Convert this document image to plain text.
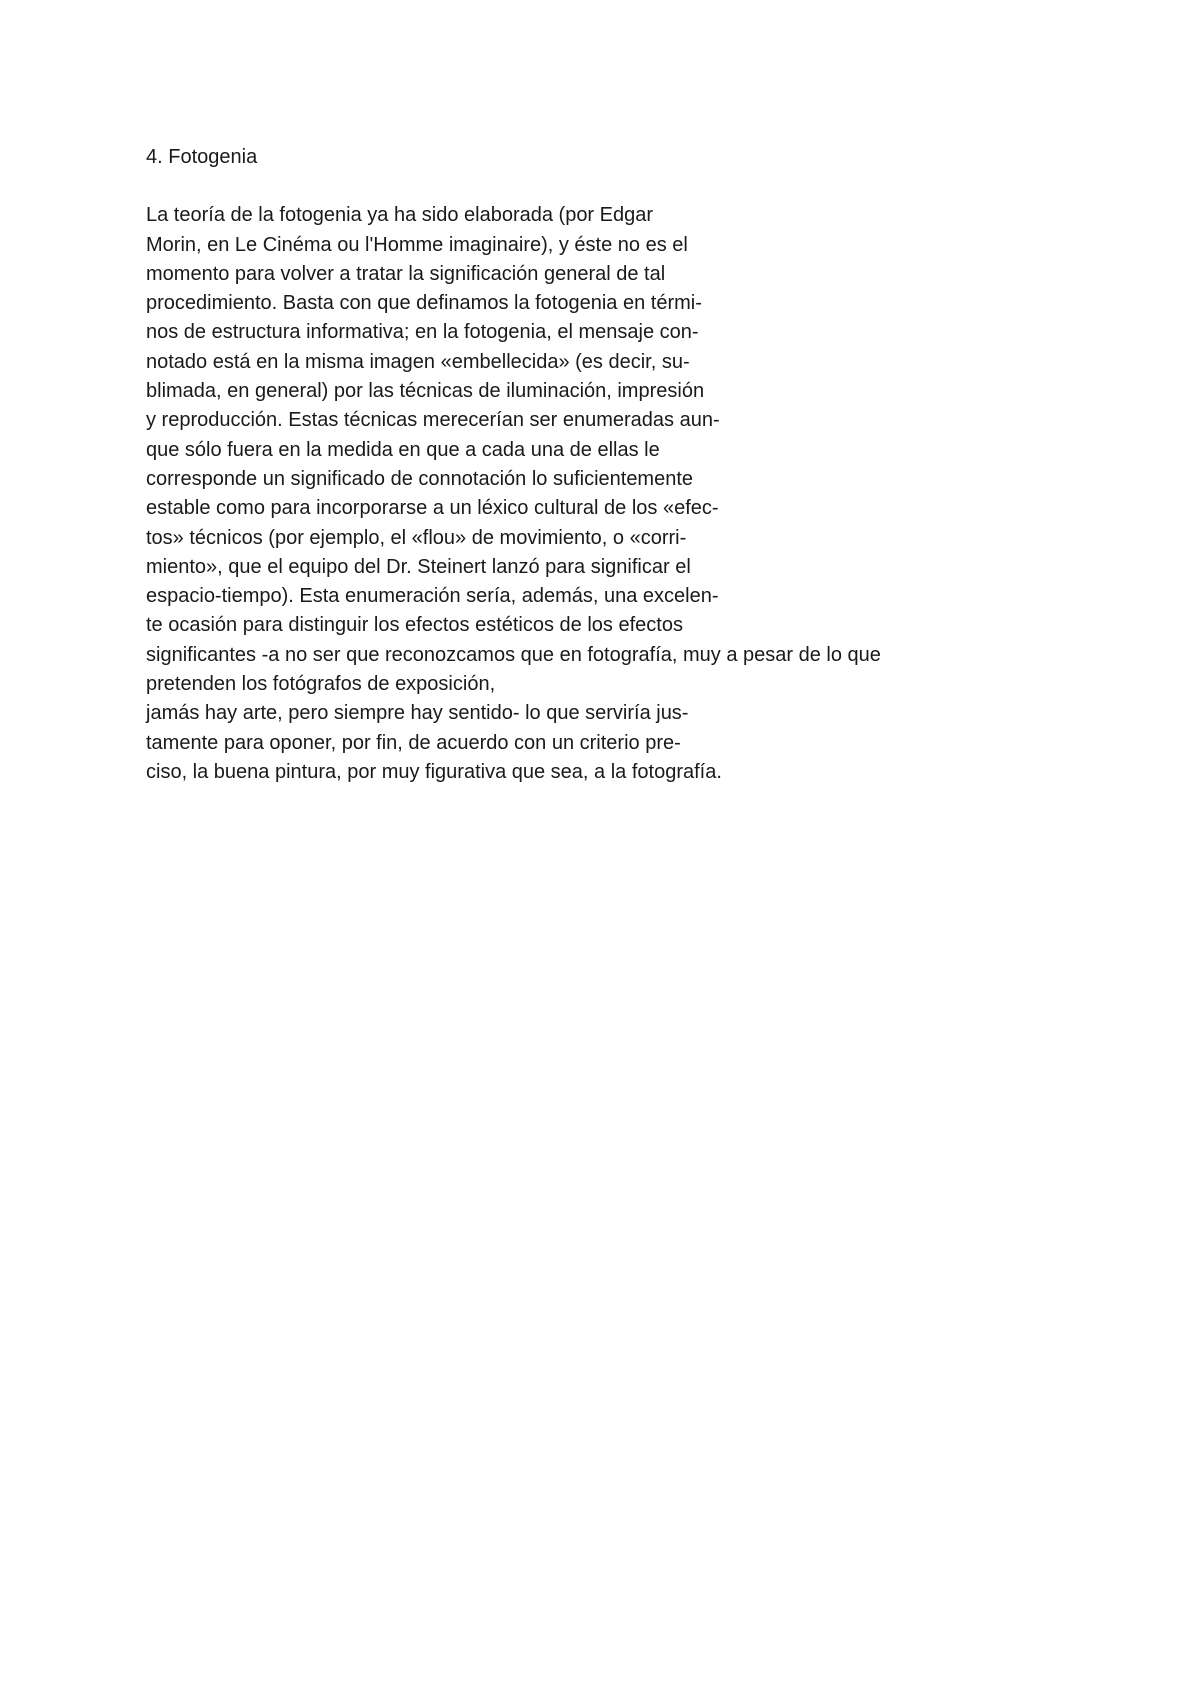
4. Fotogenia
La teoría de la fotogenia ya ha sido elaborada (por Edgar
Morin, en Le Cinéma ou l'Homme imaginaire), y éste no es el
momento para volver a tratar la significación general de tal
procedimiento. Basta con que definamos la fotogenia en térmi-
nos de estructura informativa; en la fotogenia, el mensaje con-
notado está en la misma imagen «embellecida» (es decir, su-
blimada, en general) por las técnicas de iluminación, impresión
y reproducción. Estas técnicas merecerían ser enumeradas aun-
que sólo fuera en la medida en que a cada una de ellas le
corresponde un significado de connotación lo suficientemente
estable como para incorporarse a un léxico cultural de los «efec-
tos» técnicos (por ejemplo, el «flou» de movimiento, o «corri-
miento», que el equipo del Dr. Steinert lanzó para significar el
espacio-tiempo). Esta enumeración sería, además, una excelen-
te ocasión para distinguir los efectos estéticos de los efectos
significantes -a no ser que reconozcamos que en fotografía, muy a pesar de lo que
pretenden los fotógrafos de exposición,
jamás hay arte, pero siempre hay sentido- lo que serviría jus-
tamente para oponer, por fin, de acuerdo con un criterio pre-
ciso, la buena pintura, por muy figurativa que sea, a la fotografía.
